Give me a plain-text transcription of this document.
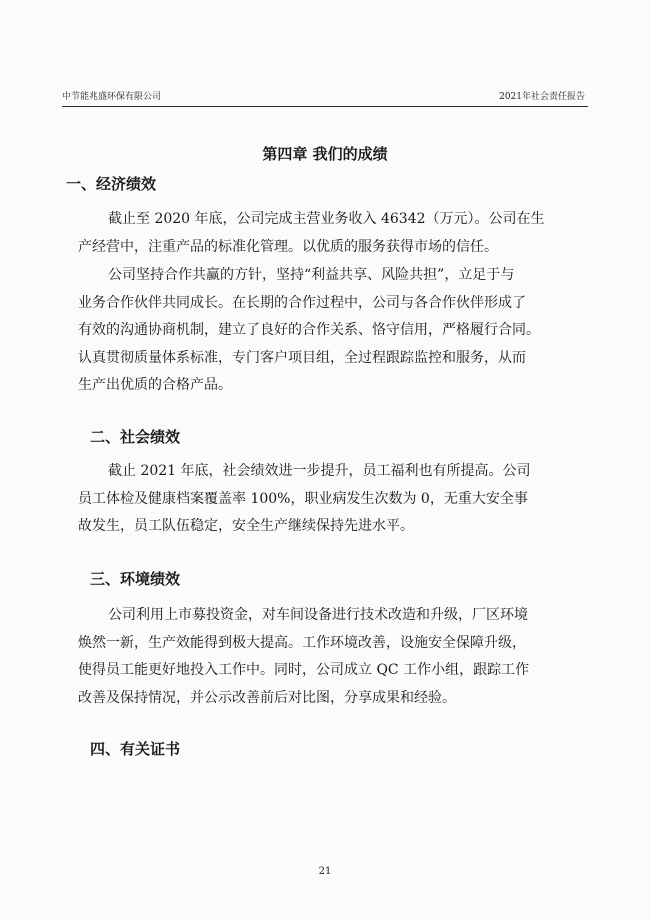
中节能兆盛环保有限公司	2021年社会责任报告
第四章 我们的成绩
一、经济绩效
截止至 2020 年底，公司完成主营业务收入 46342（万元）。公司在生
产经营中，注重产品的标准化管理。以优质的服务获得市场的信任。
公司坚持合作共赢的方针，坚持“利益共享、风险共担”，立足于与
业务合作伙伴共同成长。在长期的合作过程中，公司与各合作伙伴形成了
有效的沟通协商机制，建立了良好的合作关系、恪守信用，严格履行合同。
认真贯彻质量体系标准，专门客户项目组，全过程跟踪监控和服务，从而
生产出优质的合格产品。
二、社会绩效
截止 2021 年底，社会绩效进一步提升，员工福利也有所提高。公司
员工体检及健康档案覆盖率 100%，职业病发生次数为 0，无重大安全事
故发生，员工队伍稳定，安全生产继续保持先进水平。
三、环境绩效
公司利用上市募投资金，对车间设备进行技术改造和升级，厂区环境
焕然一新，生产效能得到极大提高。工作环境改善，设施安全保障升级，
使得员工能更好地投入工作中。同时，公司成立 QC 工作小组，跟踪工作
改善及保持情况，并公示改善前后对比图，分享成果和经验。
四、有关证书
21
